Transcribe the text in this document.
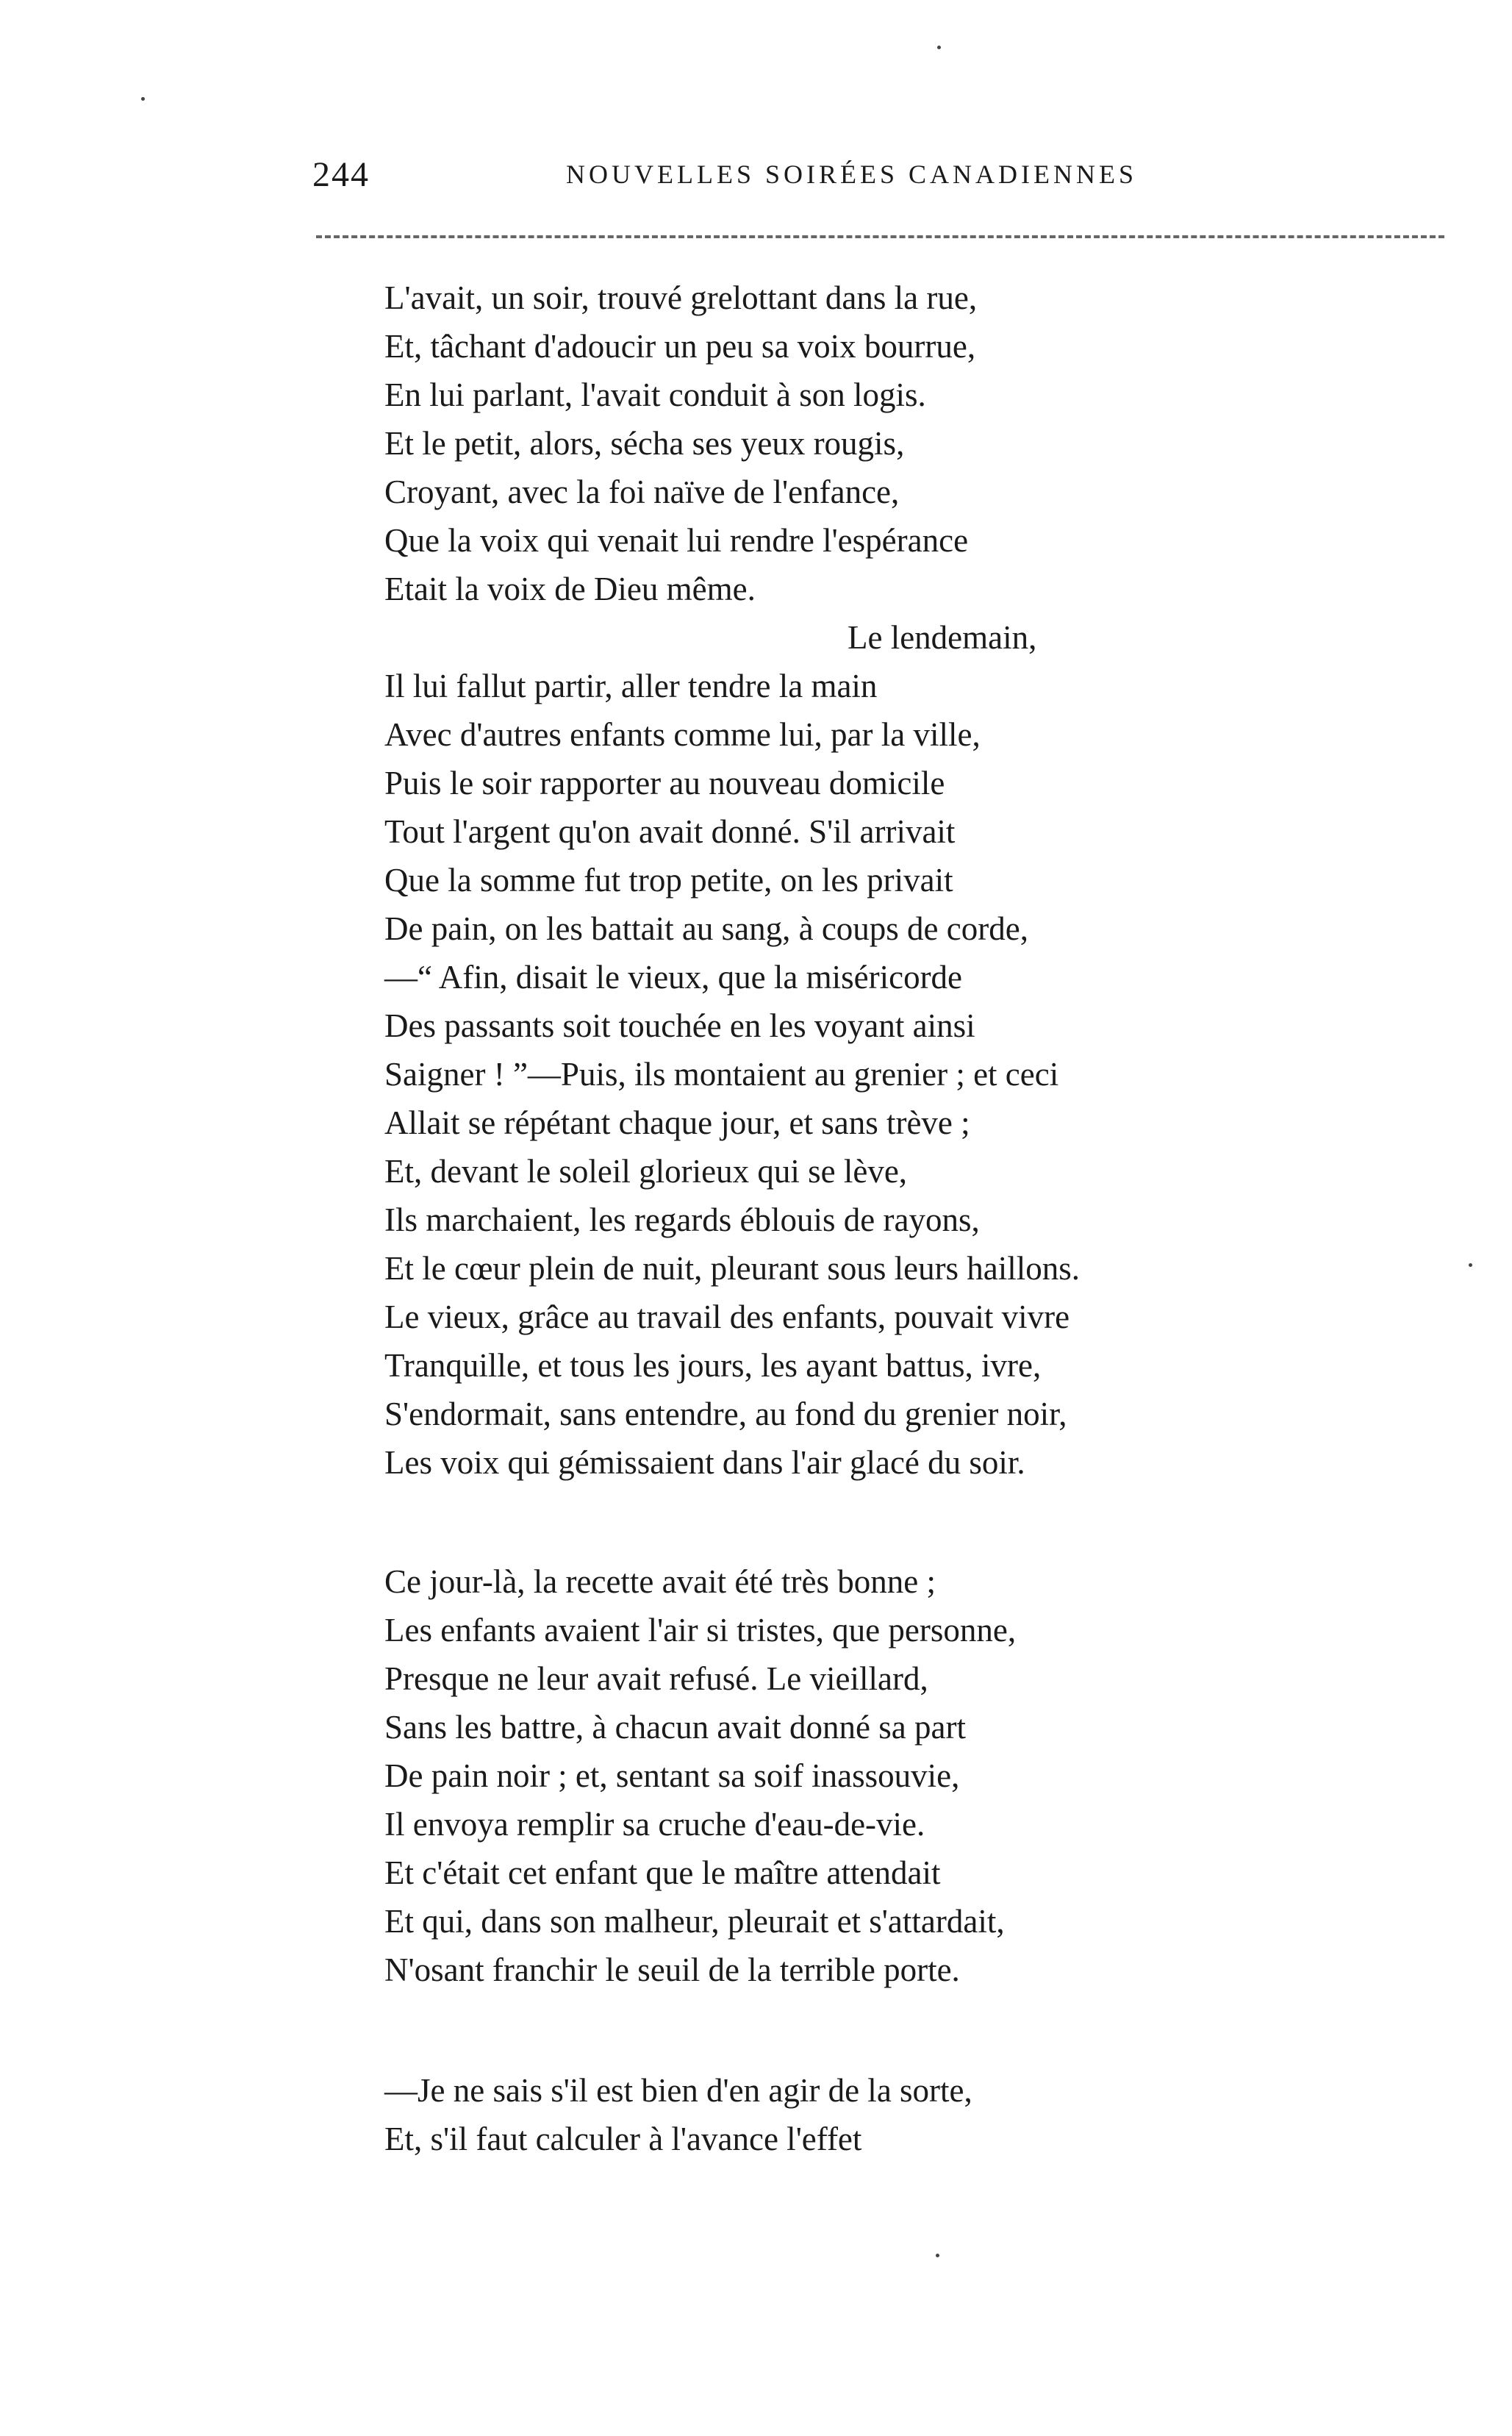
244	NOUVELLES SOIRÉES CANADIENNES
L'avait, un soir, trouvé grelottant dans la rue,
Et, tâchant d'adoucir un peu sa voix bourrue,
En lui parlant, l'avait conduit à son logis.
Et le petit, alors, sécha ses yeux rougis,
Croyant, avec la foi naïve de l'enfance,
Que la voix qui venait lui rendre l'espérance
Etait la voix de Dieu même.
Le lendemain,
Il lui fallut partir, aller tendre la main
Avec d'autres enfants comme lui, par la ville,
Puis le soir rapporter au nouveau domicile
Tout l'argent qu'on avait donné. S'il arrivait
Que la somme fut trop petite, on les privait
De pain, on les battait au sang, à coups de corde,
—“ Afin, disait le vieux, que la miséricorde
Des passants soit touchée en les voyant ainsi
Saigner ! ”—Puis, ils montaient au grenier ; et ceci
Allait se répétant chaque jour, et sans trève ;
Et, devant le soleil glorieux qui se lève,
Ils marchaient, les regards éblouis de rayons,
Et le cœur plein de nuit, pleurant sous leurs haillons.
Le vieux, grâce au travail des enfants, pouvait vivre
Tranquille, et tous les jours, les ayant battus, ivre,
S'endormait, sans entendre, au fond du grenier noir,
Les voix qui gémissaient dans l'air glacé du soir.
Ce jour-là, la recette avait été très bonne ;
Les enfants avaient l'air si tristes, que personne,
Presque ne leur avait refusé. Le vieillard,
Sans les battre, à chacun avait donné sa part
De pain noir ; et, sentant sa soif inassouvie,
Il envoya remplir sa cruche d'eau-de-vie.
Et c'était cet enfant que le maître attendait
Et qui, dans son malheur, pleurait et s'attardait,
N'osant franchir le seuil de la terrible porte.
—Je ne sais s'il est bien d'en agir de la sorte,
Et, s'il faut calculer à l'avance l'effet
